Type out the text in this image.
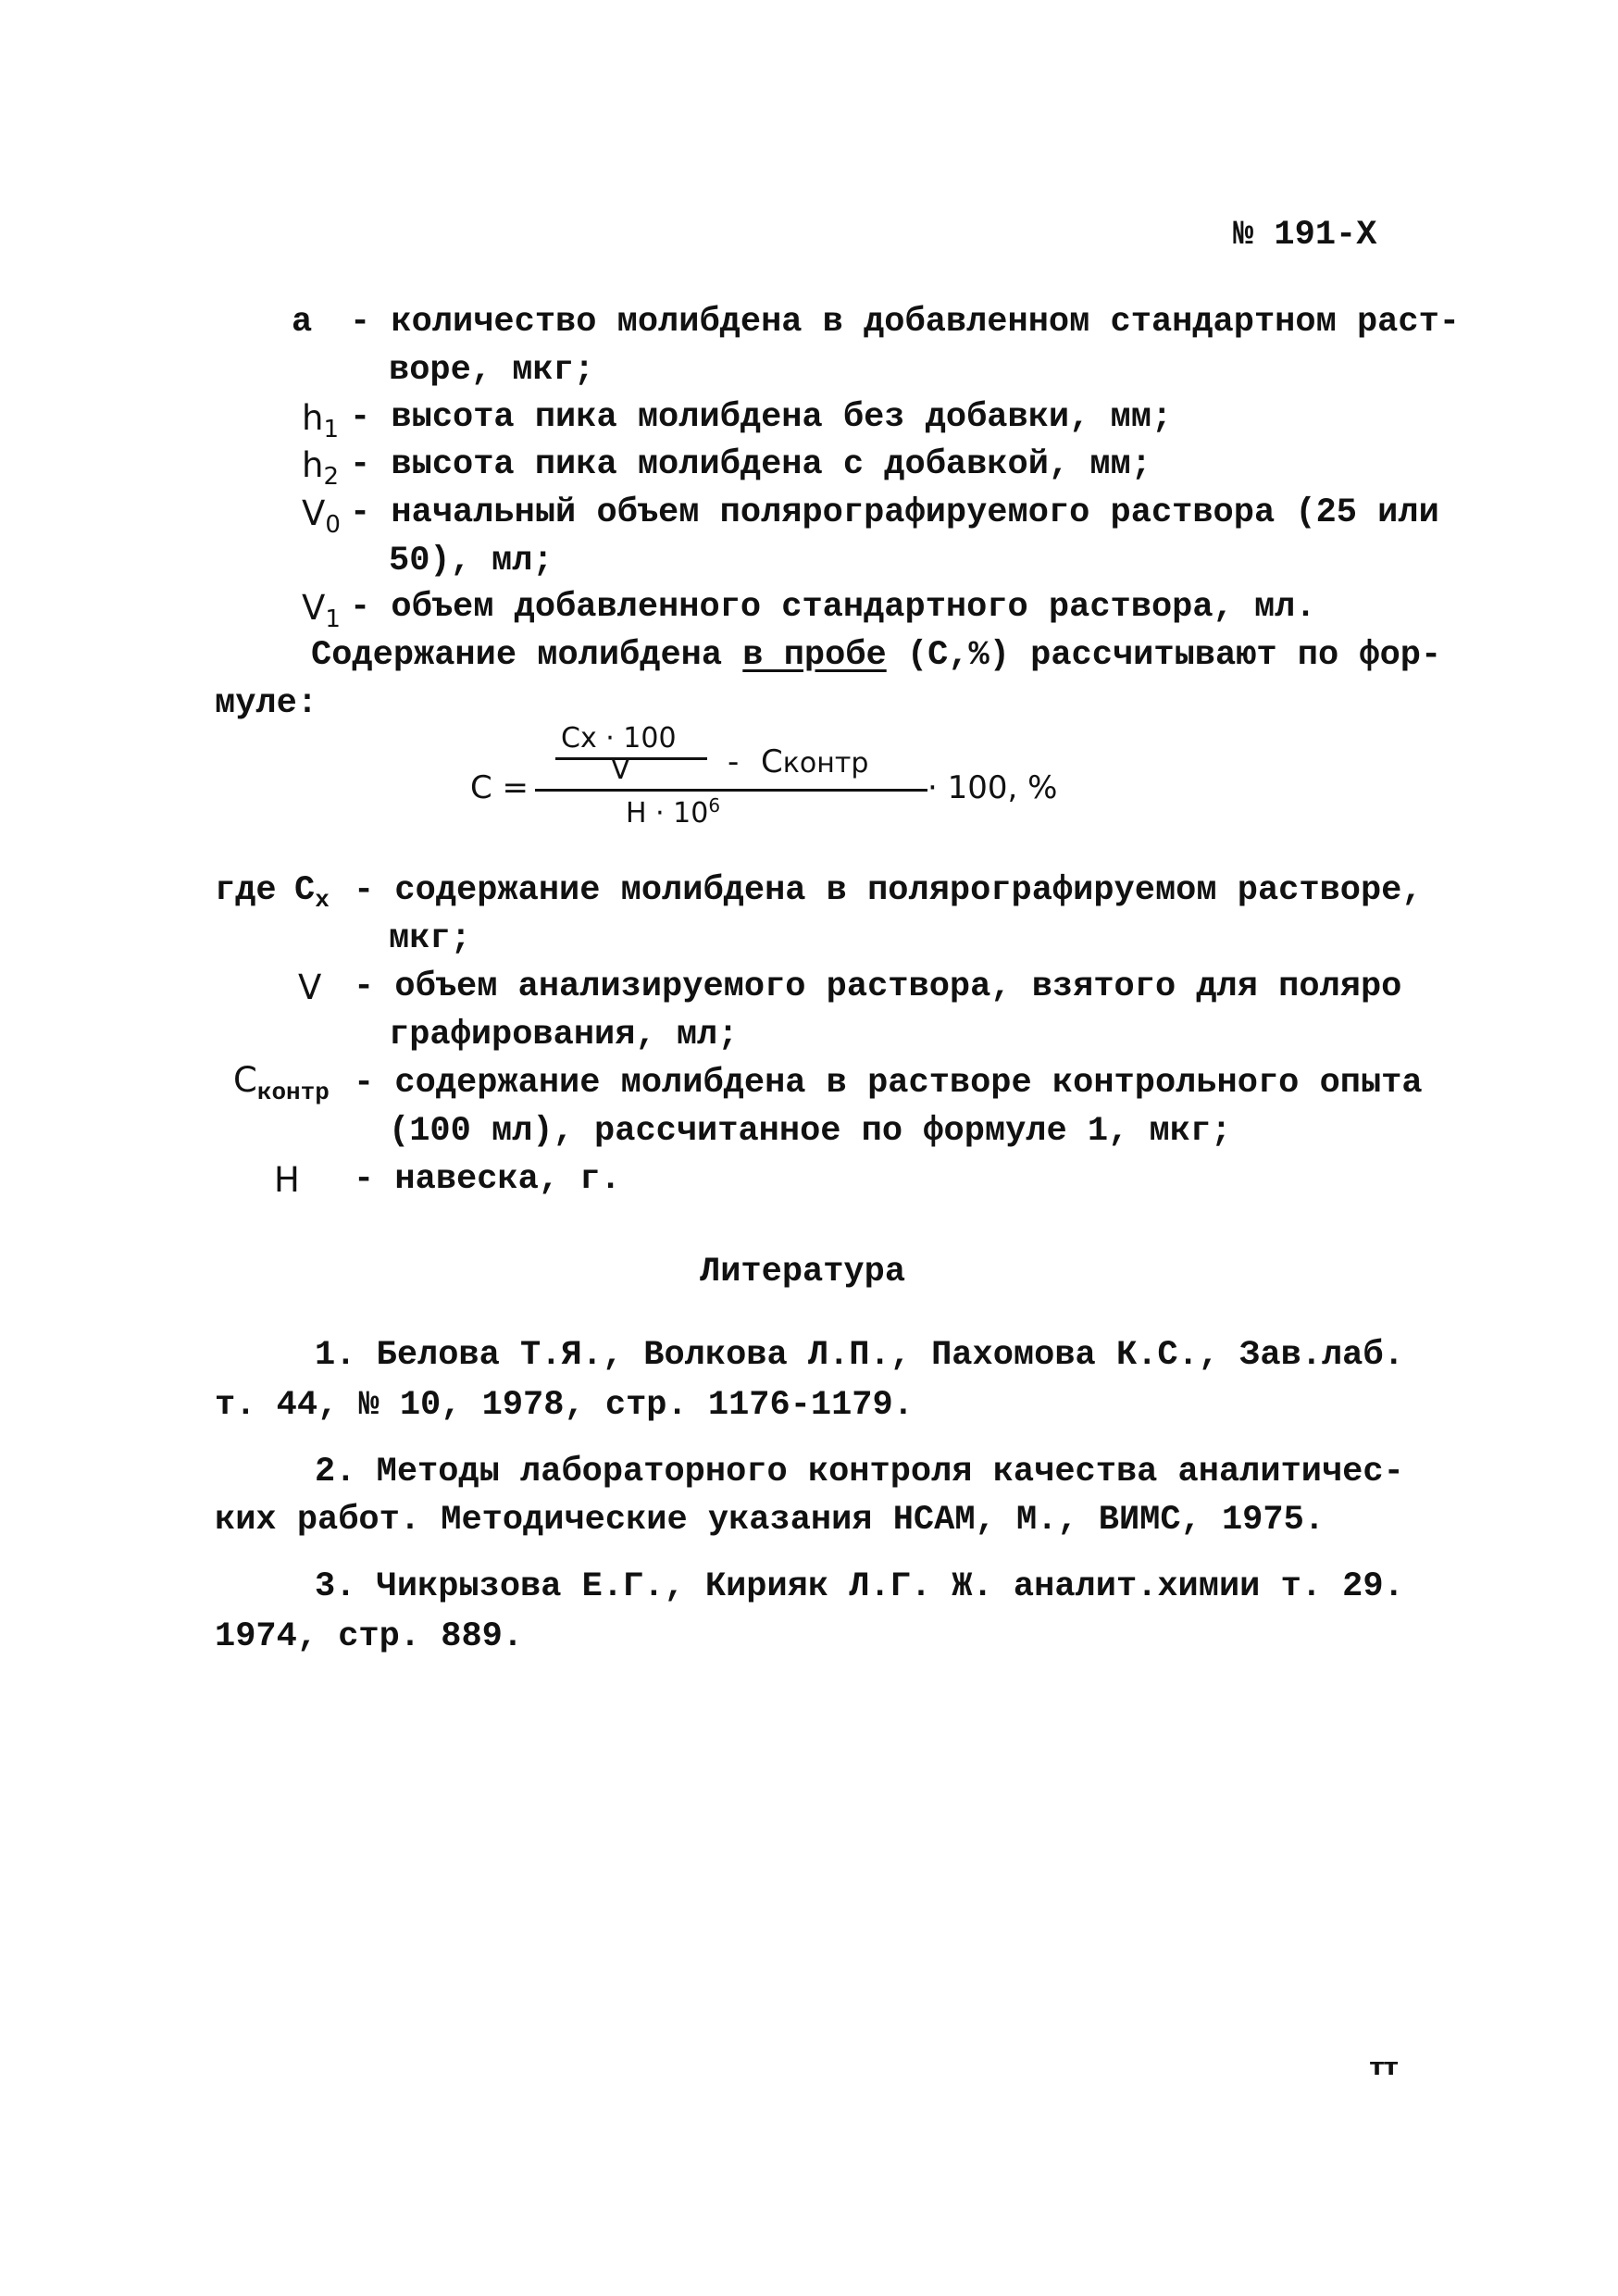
№ 191-Х
a - количество молибдена в добавленном стандартном раст-
воре, мкг;
$h_1$ - высота пика молибдена без добавки, мм;
$h_2$ - высота пика молибдена с добавкой, мм;
$V_0$ - начальный объем полярографируемого раствора (25 или
50), мл;
$V_1$ - объем добавленного стандартного раствора, мл.
Содержание молибдена в пробе (С,%) рассчитывают по фор-
муле:
C =
Cx · 100
V	- Cконтр
$H \cdot 10^6$	· 100, %
где $C_х$ - содержание молибдена в полярографируемом растворе,
мкг;
V - объем анализируемого раствора, взятого для поляро
графирования, мл;
$C_{контр}$ - содержание молибдена в растворе контрольного опыта
(100 мл), рассчитанное по формуле 1, мкг;
H - навеска, г.
Литература
1. Белова Т.Я., Волкова Л.П., Пахомова К.С., Зав.лаб.
т. 44, № 10, 1978, стр. 1176-1179.
2. Методы лабораторного контроля качества аналитичес-
ких работ. Методические указания НСАМ, М., ВИМС, 1975.
3. Чикрызова Е.Г., Кирияк Л.Г. Ж. аналит.химии т. 29.
1974, стр. 889.
тт
